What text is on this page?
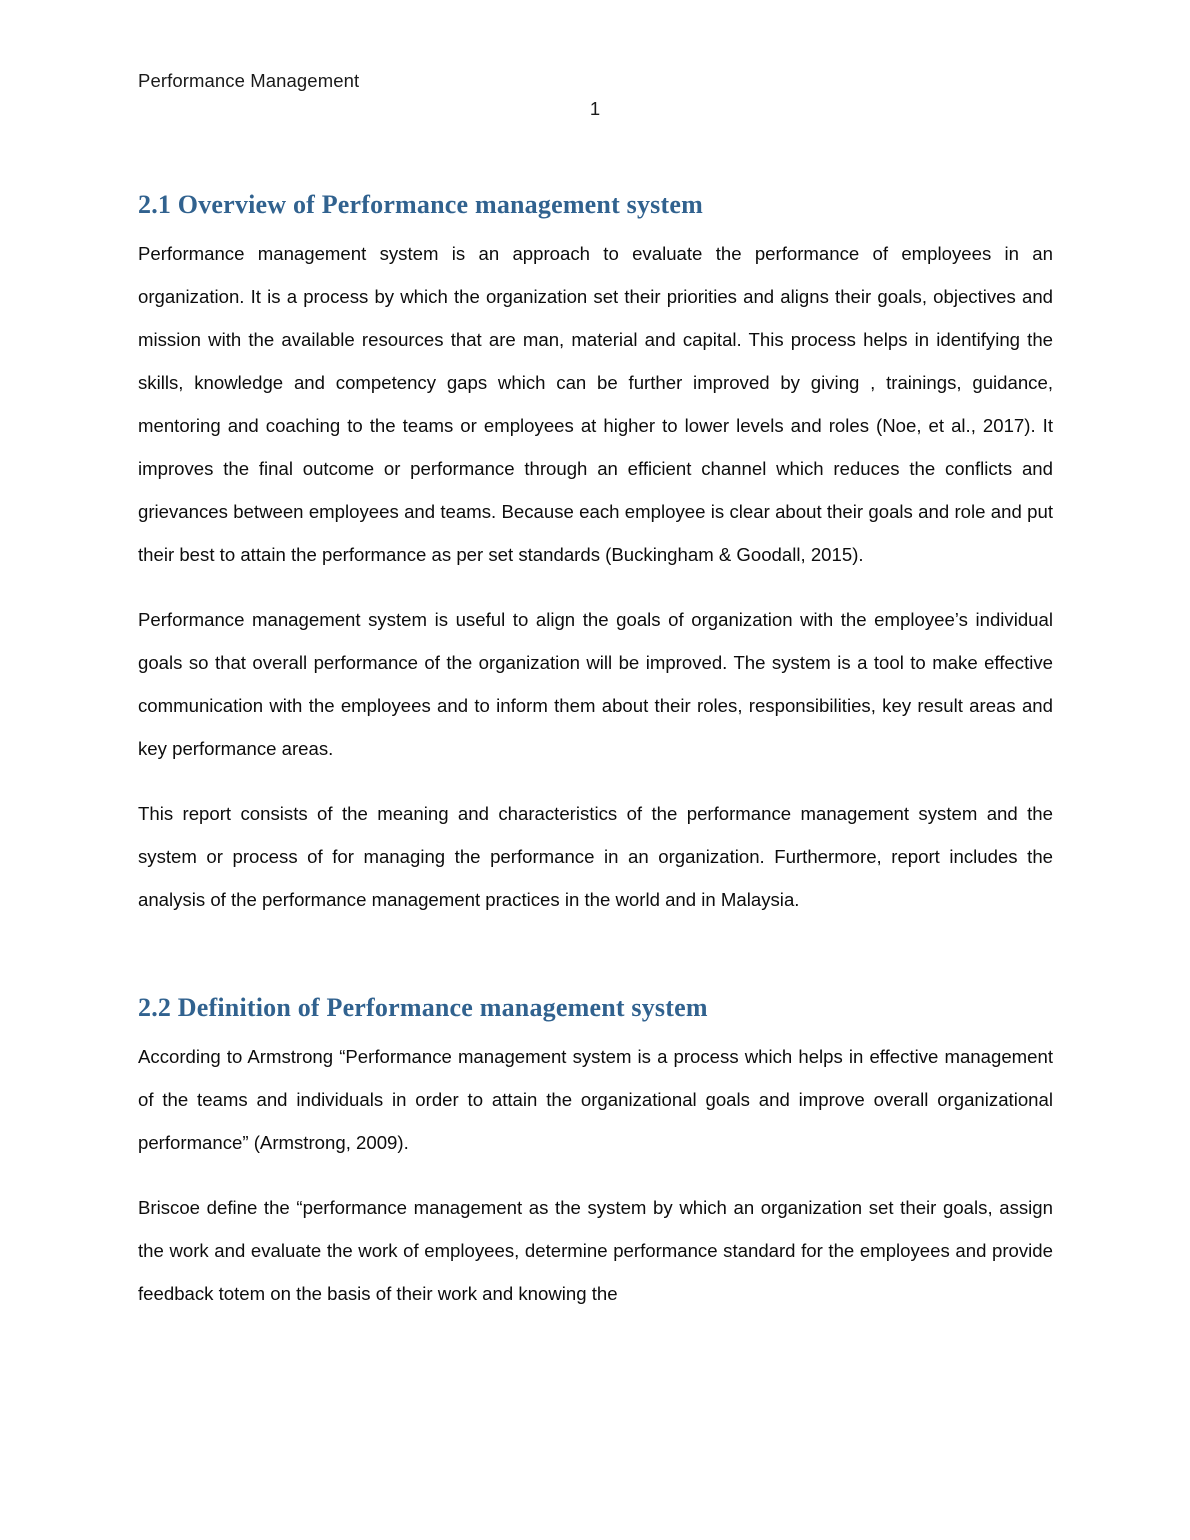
Performance Management
1
2.1 Overview of Performance management system

Performance management system is an approach to evaluate the performance of employees in an organization. It is a process by which the organization set their priorities and aligns their goals, objectives and mission with the available resources that are man, material and capital. This process helps in identifying the skills, knowledge and competency gaps which can be further improved by giving , trainings, guidance, mentoring and coaching to the teams or employees at higher to lower levels and roles (Noe, et al., 2017). It improves the final outcome or performance through an efficient channel which reduces the conflicts and grievances between employees and teams. Because each employee is clear about their goals and role and put their best to attain the performance as per set standards (Buckingham & Goodall, 2015).

Performance management system is useful to align the goals of organization with the employee’s individual goals so that overall performance of the organization will be improved. The system is a tool to make effective communication with the employees and to inform them about their roles, responsibilities, key result areas and key performance areas.

This report consists of the meaning and characteristics of the performance management system and the system or process of for managing the performance in an organization. Furthermore, report includes the analysis of the performance management practices in the world and in Malaysia.

2.2 Definition of Performance management system

According to Armstrong “Performance management system is a process which helps in effective management of the teams and individuals in order to attain the organizational goals and improve overall organizational performance” (Armstrong, 2009).

Briscoe define the “performance management as the system by which an organization set their goals, assign the work and evaluate the work of employees, determine performance standard for the employees and provide feedback totem on the basis of their work and knowing the
